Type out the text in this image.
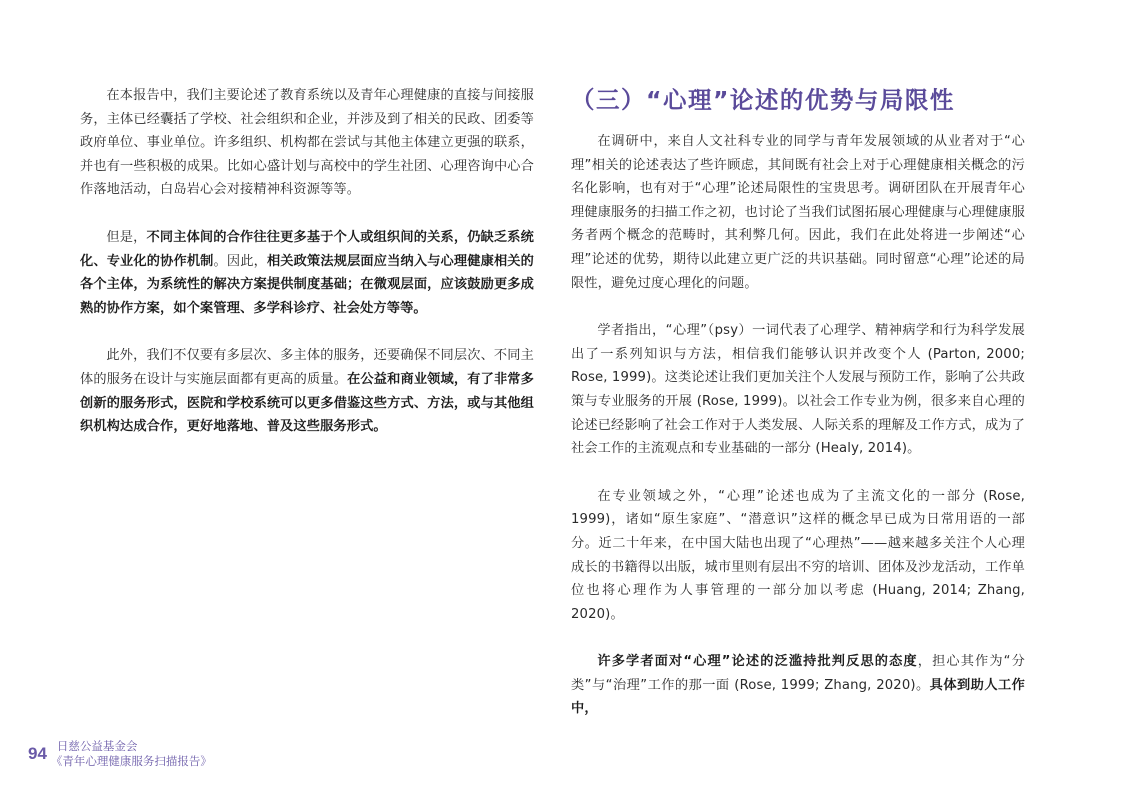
在本报告中，我们主要论述了教育系统以及青年心理健康的直接与间接服务，主体已经囊括了学校、社会组织和企业，并涉及到了相关的民政、团委等政府单位、事业单位。许多组织、机构都在尝试与其他主体建立更强的联系，并也有一些积极的成果。比如心盛计划与高校中的学生社团、心理咨询中心合作落地活动，白岛岩心会对接精神科资源等等。

但是，不同主体间的合作往往更多基于个人或组织间的关系，仍缺乏系统化、专业化的协作机制。因此，相关政策法规层面应当纳入与心理健康相关的各个主体，为系统性的解决方案提供制度基础；在微观层面，应该鼓励更多成熟的协作方案，如个案管理、多学科诊疗、社会处方等等。

此外，我们不仅要有多层次、多主体的服务，还要确保不同层次、不同主体的服务在设计与实施层面都有更高的质量。在公益和商业领域，有了非常多创新的服务形式，医院和学校系统可以更多借鉴这些方式、方法，或与其他组织机构达成合作，更好地落地、普及这些服务形式。

（三）“心理”论述的优势与局限性

在调研中，来自人文社科专业的同学与青年发展领域的从业者对于“心理”相关的论述表达了些许顾虑，其间既有社会上对于心理健康相关概念的污名化影响，也有对于“心理”论述局限性的宝贵思考。调研团队在开展青年心理健康服务的扫描工作之初，也讨论了当我们试图拓展心理健康与心理健康服务者两个概念的范畴时，其利弊几何。因此，我们在此处将进一步阐述“心理”论述的优势，期待以此建立更广泛的共识基础。同时留意“心理”论述的局限性，避免过度心理化的问题。

学者指出，“心理”（psy）一词代表了心理学、精神病学和行为科学发展出了一系列知识与方法，相信我们能够认识并改变个人 (Parton, 2000; Rose, 1999)。这类论述让我们更加关注个人发展与预防工作，影响了公共政策与专业服务的开展 (Rose, 1999)。以社会工作专业为例，很多来自心理的论述已经影响了社会工作对于人类发展、人际关系的理解及工作方式，成为了社会工作的主流观点和专业基础的一部分 (Healy, 2014)。

在专业领域之外，“心理”论述也成为了主流文化的一部分 (Rose, 1999)，诸如“原生家庭”、“潜意识”这样的概念早已成为日常用语的一部分。近二十年来，在中国大陆也出现了“心理热”——越来越多关注个人心理成长的书籍得以出版，城市里则有层出不穷的培训、团体及沙龙活动，工作单位也将心理作为人事管理的一部分加以考虑 (Huang, 2014; Zhang, 2020)。

许多学者面对“心理”论述的泛滥持批判反思的态度，担心其作为“分类”与“治理”工作的那一面 (Rose, 1999; Zhang, 2020)。具体到助人工作中，

94 日慈公益基金会
《青年心理健康服务扫描报告》
